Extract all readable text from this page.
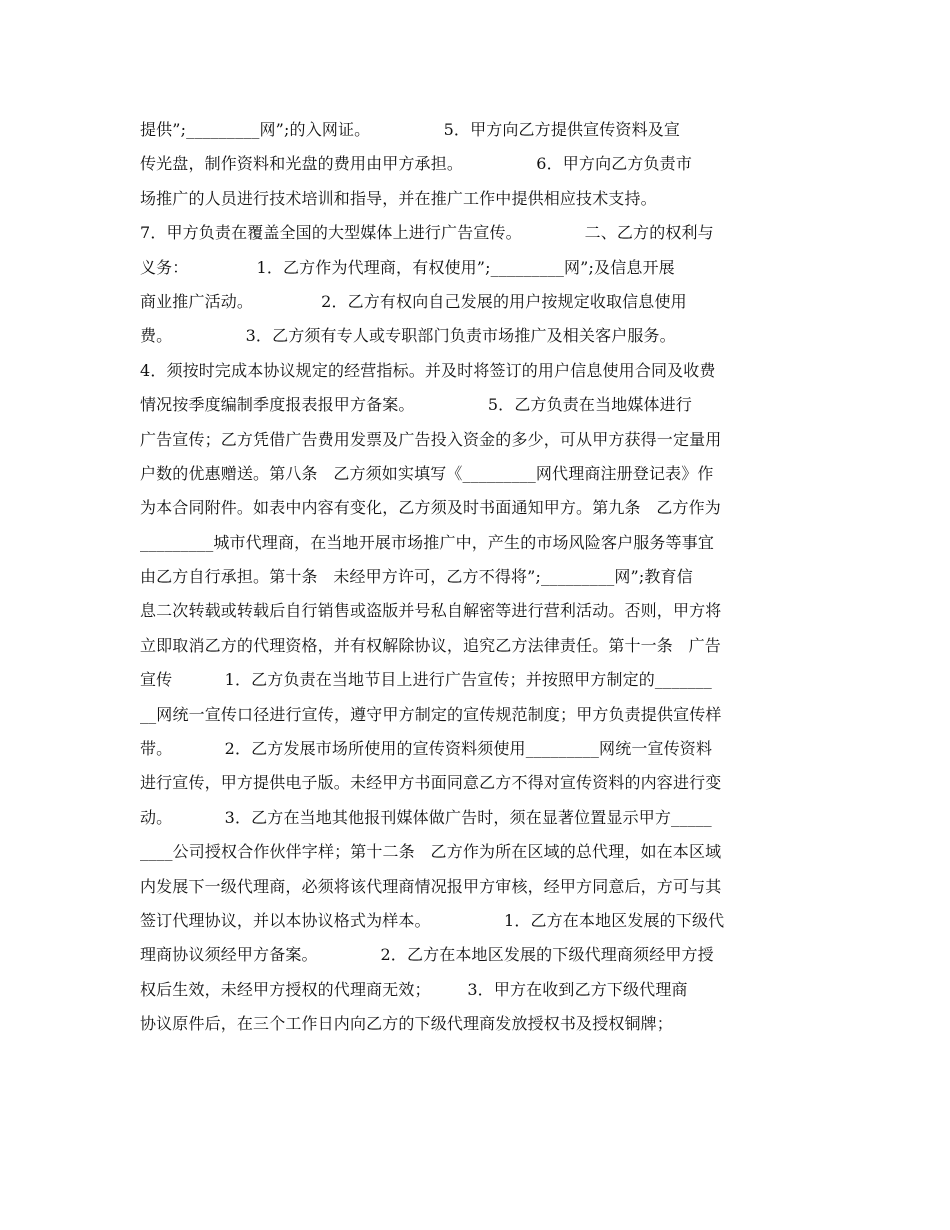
提供”;_________网”;的入网证。              5．甲方向乙方提供宣传资料及宣
传光盘，制作资料和光盘的费用由甲方承担。              6．甲方向乙方负责市
场推广的人员进行技术培训和指导，并在推广工作中提供相应技术支持。
7．甲方负责在覆盖全国的大型媒体上进行广告宣传。            二、乙方的权利与
义务：             1．乙方作为代理商，有权使用”;_________网”;及信息开展
商业推广活动。             2．乙方有权向自己发展的用户按规定收取信息使用
费。              3．乙方须有专人或专职部门负责市场推广及相关客户服务。
4．须按时完成本协议规定的经营指标。并及时将签订的用户信息使用合同及收费
情况按季度编制季度报表报甲方备案。              5．乙方负责在当地媒体进行
广告宣传；乙方凭借广告费用发票及广告投入资金的多少，可从甲方获得一定量用
户数的优惠赠送。第八条   乙方须如实填写《_________网代理商注册登记表》作
为本合同附件。如表中内容有变化，乙方须及时书面通知甲方。第九条   乙方作为
_________城市代理商，在当地开展市场推广中，产生的市场风险客户服务等事宜
由乙方自行承担。第十条   未经甲方许可，乙方不得将”;_________网”;教育信
息二次转载或转载后自行销售或盗版并号私自解密等进行营利活动。否则，甲方将
立即取消乙方的代理资格，并有权解除协议，追究乙方法律责任。第十一条   广告
宣传          1．乙方负责在当地节目上进行广告宣传；并按照甲方制定的_______
__网统一宣传口径进行宣传，遵守甲方制定的宣传规范制度；甲方负责提供宣传样
带。          2．乙方发展市场所使用的宣传资料须使用_________网统一宣传资料
进行宣传，甲方提供电子版。未经甲方书面同意乙方不得对宣传资料的内容进行变
动。          3．乙方在当地其他报刊媒体做广告时，须在显著位置显示甲方_____
____公司授权合作伙伴字样；第十二条   乙方作为所在区域的总代理，如在本区域
内发展下一级代理商，必须将该代理商情况报甲方审核，经甲方同意后，方可与其
签订代理协议，并以本协议格式为样本。              1．乙方在本地区发展的下级代
理商协议须经甲方备案。            2．乙方在本地区发展的下级代理商须经甲方授
权后生效，未经甲方授权的代理商无效；       3．甲方在收到乙方下级代理商
协议原件后，在三个工作日内向乙方的下级代理商发放授权书及授权铜牌；
